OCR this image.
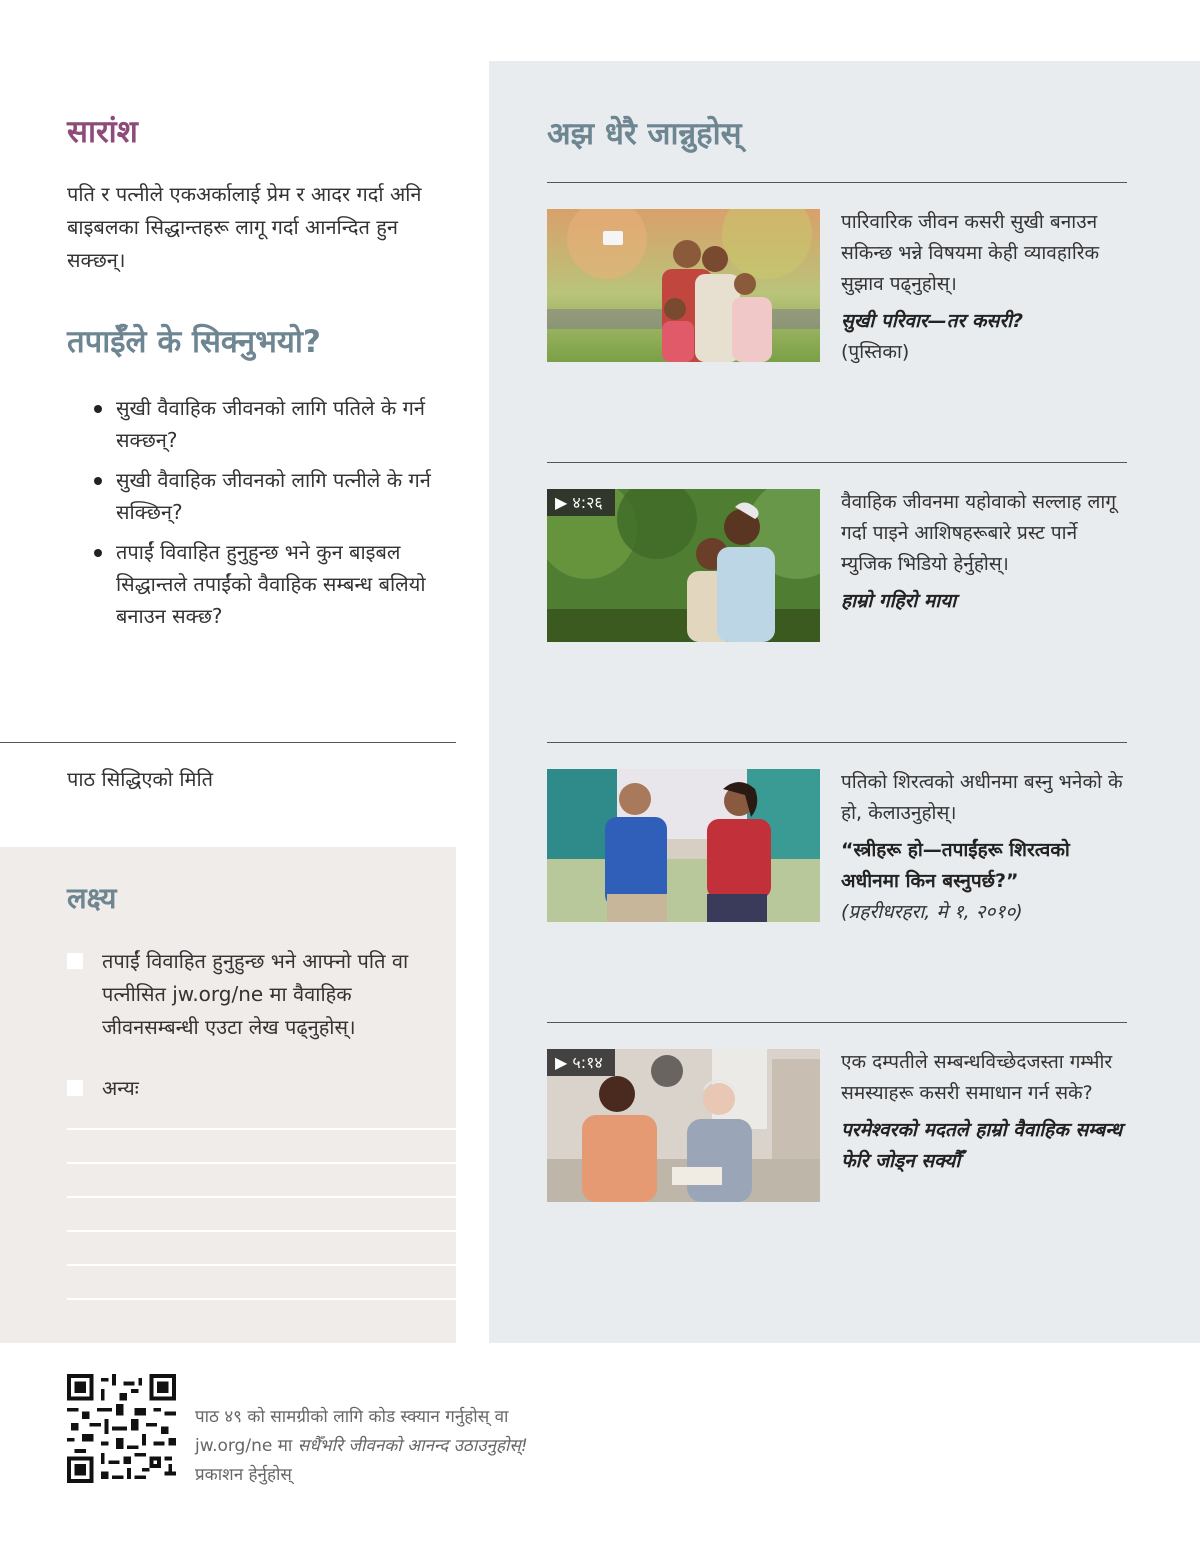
सारांश
पति र पत्नीले एकअर्कालाई प्रेम र आदर गर्दा अनि बाइबलका सिद्धान्तहरू लागू गर्दा आनन्दित हुन सक्छन्।
तपाईँले के सिक्नुभयो?
सुखी वैवाहिक जीवनको लागि पतिले के गर्न सक्छन्?
सुखी वैवाहिक जीवनको लागि पत्नीले के गर्न सक्छिन्?
तपाईं विवाहित हुनुहुन्छ भने कुन बाइबल सिद्धान्तले तपाईंको वैवाहिक सम्बन्ध बलियो बनाउन सक्छ?
पाठ सिद्धिएको मिति
लक्ष्य
तपाईं विवाहित हुनुहुन्छ भने आफ्नो पति वा पत्नीसित jw.org/ne मा वैवाहिक जीवनसम्बन्धी एउटा लेख पढ्नुहोस्।
अन्यः
अझ धेरै जान्नुहोस्
पारिवारिक जीवन कसरी सुखी बनाउन सकिन्छ भन्ने विषयमा केही व्यावहारिक सुझाव पढ्नुहोस्।
सुखी परिवार—तर कसरी?
(पुस्तिका)
▶ ४:२६	वैवाहिक जीवनमा यहोवाको सल्लाह लागू गर्दा पाइने आशिषहरूबारे प्रस्ट पार्ने म्युजिक भिडियो हेर्नुहोस्।
हाम्रो गहिरो माया
पतिको शिरत्वको अधीनमा बस्नु भनेको के हो, केलाउनुहोस्।
“स्त्रीहरू हो—तपाईंहरू शिरत्वको अधीनमा किन बस्नुपर्छ?”
(प्रहरीधरहरा, मे १, २०१०)
▶ ५:१४	एक दम्पतीले सम्बन्धविच्छेदजस्ता गम्भीर समस्याहरू कसरी समाधान गर्न सके?
परमेश्वरको मदतले हाम्रो वैवाहिक सम्बन्ध फेरि जोड्न सक्यौँ
पाठ ४९ को सामग्रीको लागि कोड स्क्यान गर्नुहोस् वा
jw.org/ne मा सधैँभरि जीवनको आनन्द उठाउनुहोस्!
प्रकाशन हेर्नुहोस्
